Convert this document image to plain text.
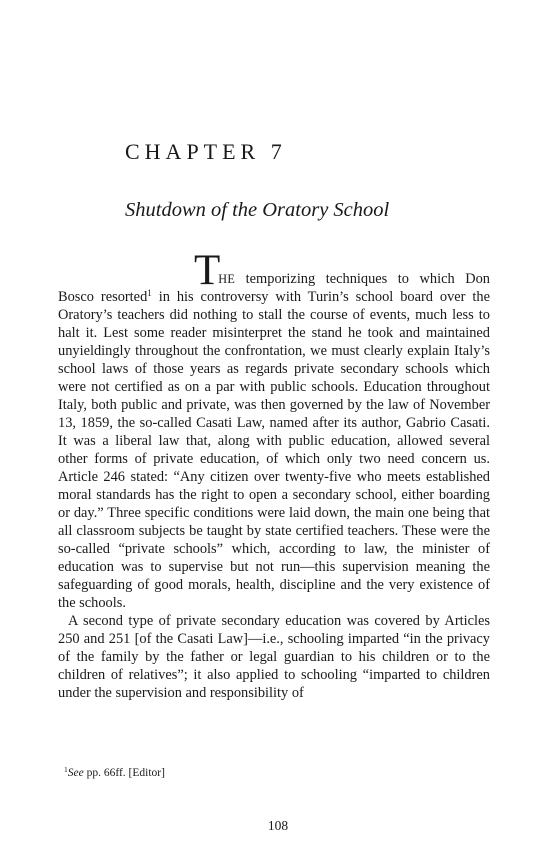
CHAPTER 7
Shutdown of the Oratory School

THE temporizing techniques to which Don Bosco resorted$^1$ in his controversy with Turin’s school board over the Oratory’s teachers did nothing to stall the course of events, much less to halt it. Lest some reader misinterpret the stand he took and maintained unyieldingly throughout the confrontation, we must clearly explain Italy’s school laws of those years as regards private secondary schools which were not certified as on a par with public schools. Education throughout Italy, both public and private, was then governed by the law of November 13, 1859, the so-called Casati Law, named after its author, Gabrio Casati. It was a liberal law that, along with public education, allowed several other forms of private education, of which only two need concern us. Article 246 stated: “Any citizen over twenty-five who meets established moral standards has the right to open a secondary school, either boarding or day.” Three specific conditions were laid down, the main one being that all classroom subjects be taught by state certified teachers. These were the so-called “private schools” which, according to law, the minister of education was to supervise but not run—this supervision meaning the safeguarding of good morals, health, discipline and the very existence of the schools.

A second type of private secondary education was covered by Articles 250 and 251 [of the Casati Law]—i.e., schooling imparted “in the privacy of the family by the father or legal guardian to his children or to the children of relatives”; it also applied to schooling “imparted to children under the supervision and responsibility of

$^1$See pp. 66ff. [Editor]
108
